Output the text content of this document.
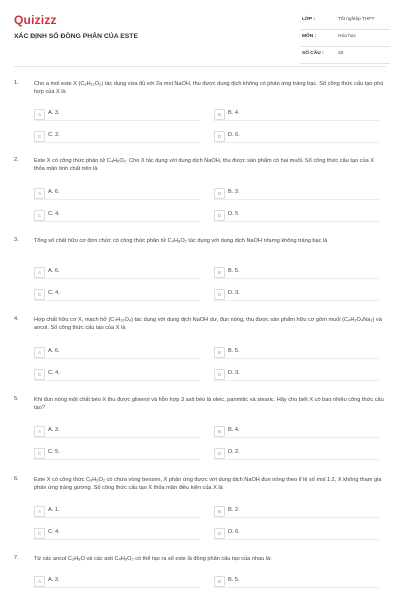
Quizizz
XÁC ĐỊNH SỐ ĐỒNG PHÂN CỦA ESTE
LỚP :	Tốt nghiệp THPT
MÔN :	Hóa học
SỐ CÂU :	33
1.	Cho a mol este X (C₉H₁₀O₂) tác dụng vừa đủ với 2a mol NaOH, thu được dung dịch không có phản ứng tráng bạc. Số công thức cấu tạo phù hợp của X là
A	A. 3.	B	B. 4.
C	C. 2.	D	D. 6.
2.	Este X có công thức phân tử C₄H₆O₂. Cho X tác dụng với dung dịch NaOH, thu được sản phẩm có hai muối. Số công thức cấu tạo của X thỏa mãn tính chất trên là
A	A. 6.	B	B. 3.
C	C. 4.	D	D. 5
3.	Tổng số chất hữu cơ đơn chức có công thức phân tử C₄H₈O₂ tác dụng với dung dịch NaOH nhưng không tráng bạc là
A	A. 6.	B	B. 5.
C	C. 4.	D	D. 3.
4.	Hợp chất hữu cơ X, mạch hở (C₇H₁₀O₄) tác dụng với dung dịch NaOH dư, đun nóng, thu được sản phẩm hữu cơ gồm muối (C₄H₂O₄Na₂) và ancol. Số công thức cấu tạo của X là
A	A. 6.	B	B. 5.
C	C. 4.	D	D. 3.
5.	Khi đun nóng một chất béo X thu được glixerol và hỗn hợp 3 axit béo là oleic, panmitic và stearic. Hãy cho biết X có bao nhiêu công thức cấu tạo?
A	A. 3.	B	B. 4.
C	C. 5.	D	D. 2.
6.	Este X có công thức C₉H₈O₂ có chứa vòng benzen, X phản ứng được với dung dịch NaOH đun nóng theo tỉ lệ số mol 1:2, X không tham gia phản ứng tráng gương. Số công thức cấu tạo X thỏa mãn điều kiện của X là
A	A. 1.	B	B. 2.
C	C. 4.	D	D. 6.
7.	Từ các ancol C₃H₈O và các axit C₄H₈O₂ có thể tạo ra số este là đồng phân cấu tạo của nhau là:
A	A. 3.	B	B. 5.
